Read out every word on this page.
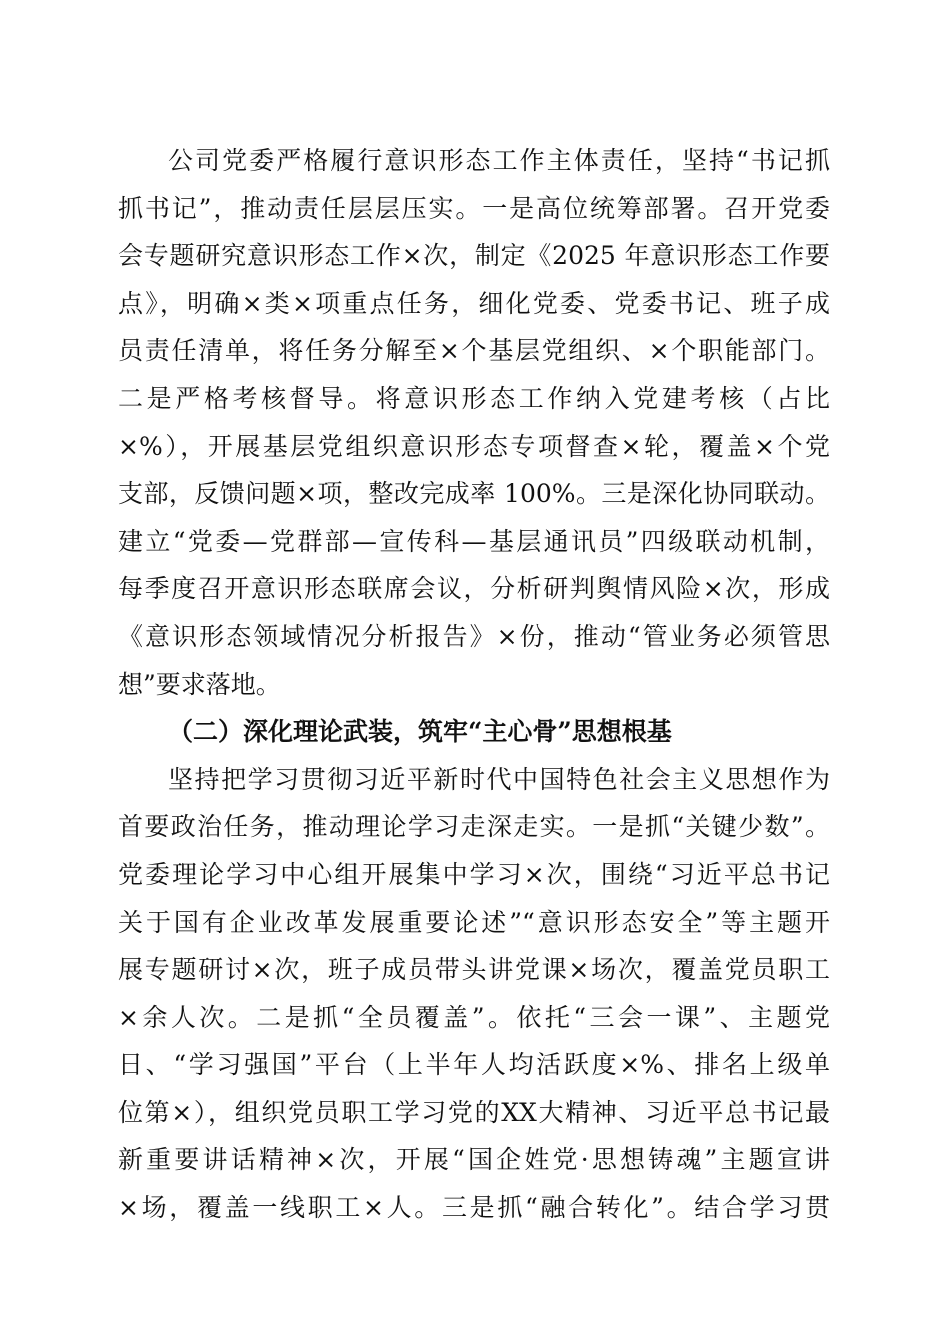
公司党委严格履行意识形态工作主体责任，坚持“书记抓
抓书记”，推动责任层层压实。一是高位统筹部署。召开党委
会专题研究意识形态工作×次，制定《2025 年意识形态工作要
点》，明确×类×项重点任务，细化党委、党委书记、班子成
员责任清单，将任务分解至×个基层党组织、×个职能部门。
二是严格考核督导。将意识形态工作纳入党建考核（占比
×%），开展基层党组织意识形态专项督查×轮，覆盖×个党
支部，反馈问题×项，整改完成率 100%。三是深化协同联动。
建立“党委—党群部—宣传科—基层通讯员”四级联动机制，
每季度召开意识形态联席会议，分析研判舆情风险×次，形成
《意识形态领域情况分析报告》×份，推动“管业务必须管思
想”要求落地。
（二）深化理论武装，筑牢“主心骨”思想根基
坚持把学习贯彻习近平新时代中国特色社会主义思想作为
首要政治任务，推动理论学习走深走实。一是抓“关键少数”。
党委理论学习中心组开展集中学习×次，围绕“习近平总书记
关于国有企业改革发展重要论述”“意识形态安全”等主题开
展专题研讨×次，班子成员带头讲党课×场次，覆盖党员职工
×余人次。二是抓“全员覆盖”。依托“三会一课”、主题党
日、“学习强国”平台（上半年人均活跃度×%、排名上级单
位第×），组织党员职工学习党的XX大精神、习近平总书记最
新重要讲话精神×次，开展“国企姓党·思想铸魂”主题宣讲
×场，覆盖一线职工×人。三是抓“融合转化”。结合学习贯
